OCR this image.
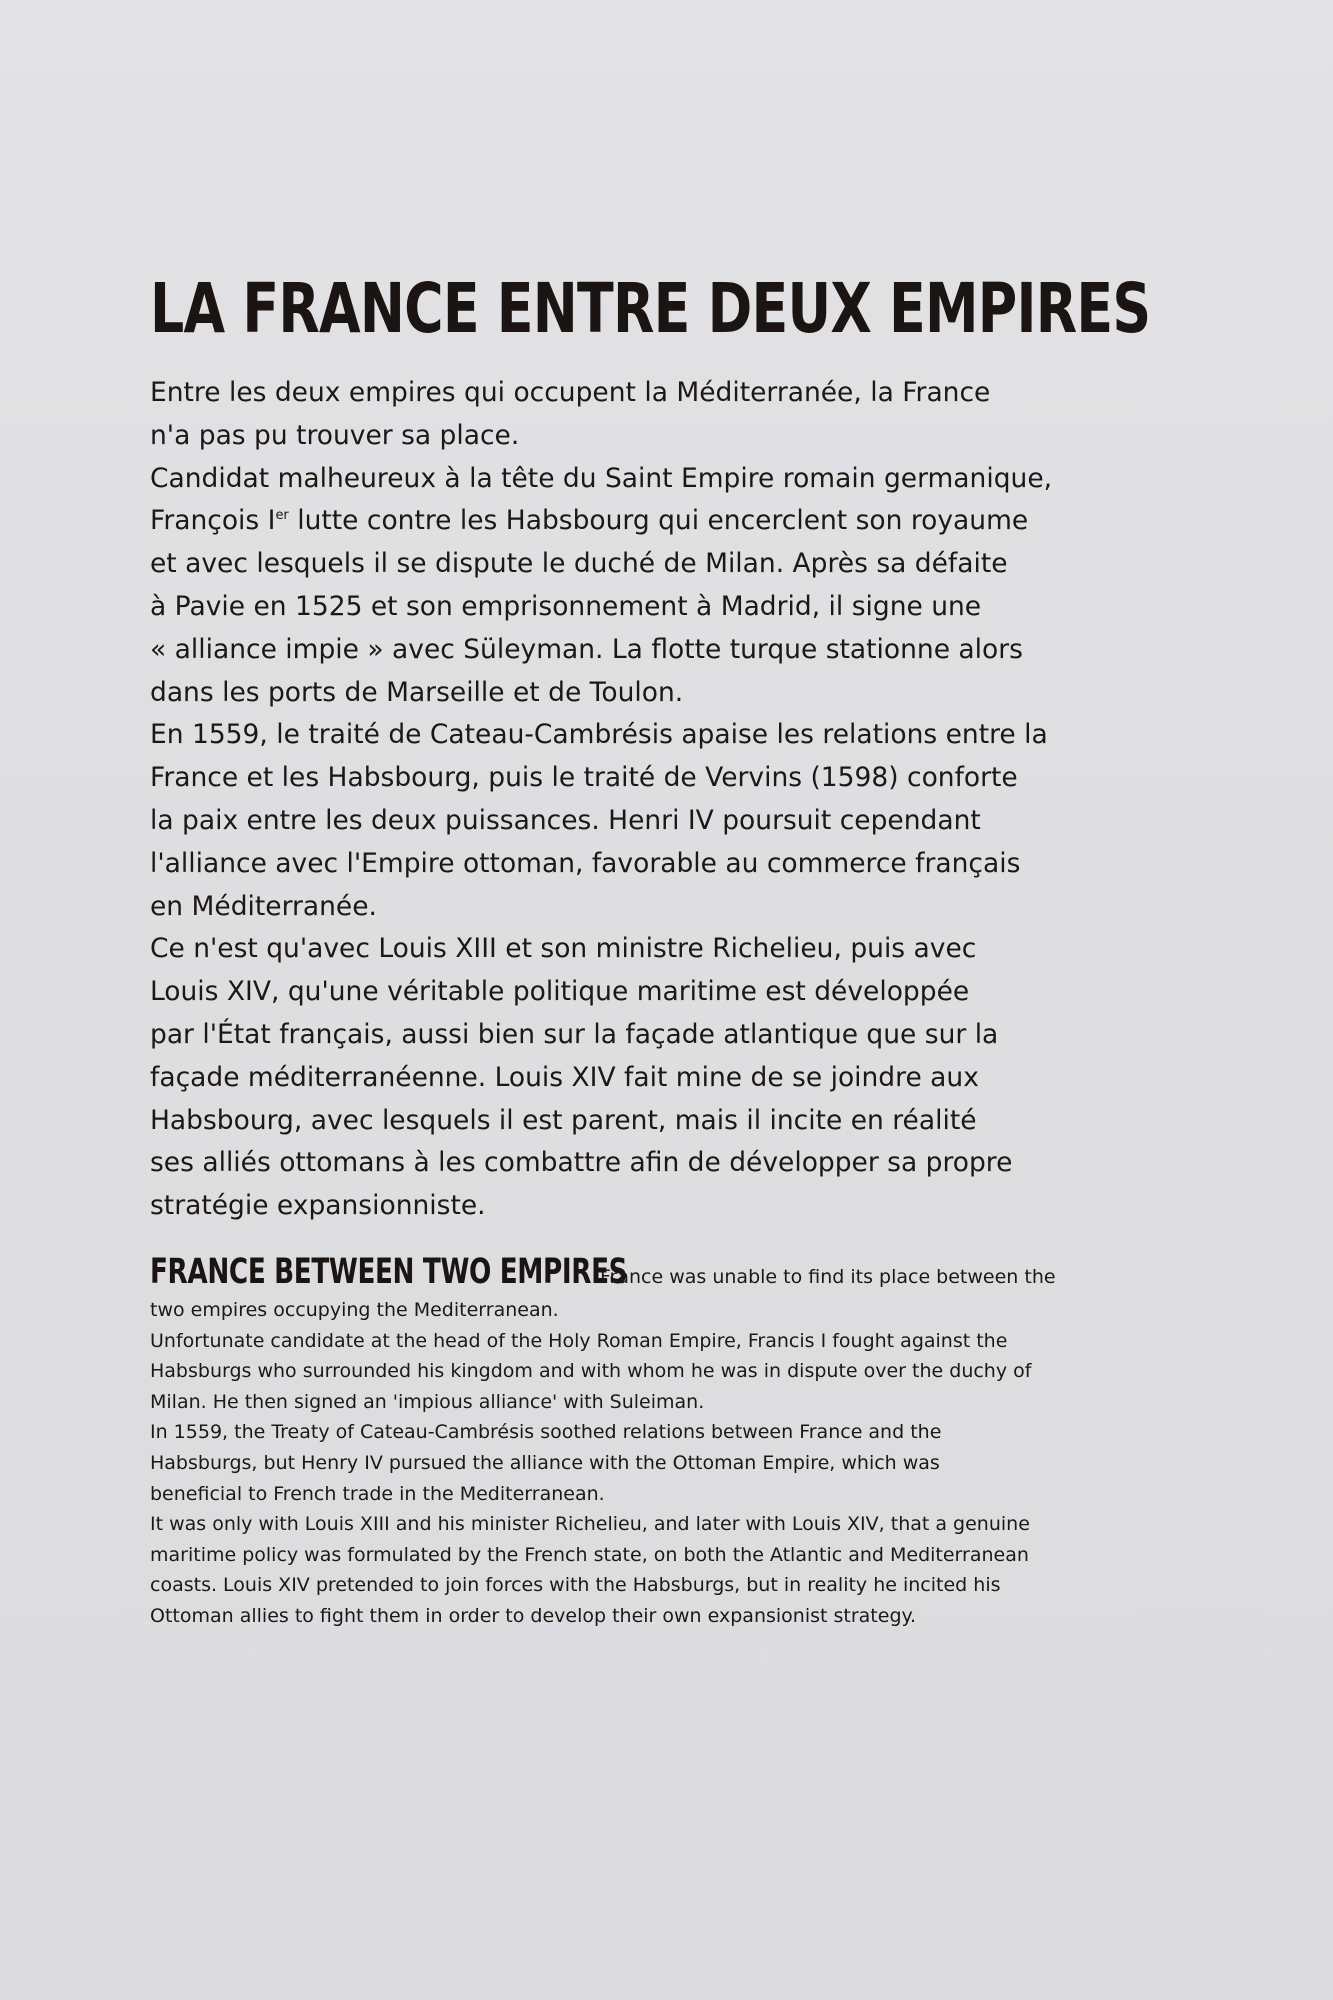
LA FRANCE ENTRE DEUX EMPIRES

Entre les deux empires qui occupent la Méditerranée, la France
n'a pas pu trouver sa place.

Candidat malheureux à la tête du Saint Empire romain germanique,
François Ier lutte contre les Habsbourg qui encerclent son royaume
et avec lesquels il se dispute le duché de Milan. Après sa défaite
à Pavie en 1525 et son emprisonnement à Madrid, il signe une
« alliance impie » avec Süleyman. La flotte turque stationne alors
dans les ports de Marseille et de Toulon.

En 1559, le traité de Cateau-Cambrésis apaise les relations entre la
France et les Habsbourg, puis le traité de Vervins (1598) conforte
la paix entre les deux puissances. Henri IV poursuit cependant
l'alliance avec l'Empire ottoman, favorable au commerce français
en Méditerranée.

Ce n'est qu'avec Louis XIII et son ministre Richelieu, puis avec
Louis XIV, qu'une véritable politique maritime est développée
par l'État français, aussi bien sur la façade atlantique que sur la
façade méditerranéenne. Louis XIV fait mine de se joindre aux
Habsbourg, avec lesquels il est parent, mais il incite en réalité
ses alliés ottomans à les combattre afin de développer sa propre
stratégie expansionniste.

FRANCE BETWEEN TWO EMPIRESFrance was unable to find its place between the
two empires occupying the Mediterranean.
Unfortunate candidate at the head of the Holy Roman Empire, Francis I fought against the
Habsburgs who surrounded his kingdom and with whom he was in dispute over the duchy of
Milan. He then signed an 'impious alliance' with Suleiman.
In 1559, the Treaty of Cateau-Cambrésis soothed relations between France and the
Habsburgs, but Henry IV pursued the alliance with the Ottoman Empire, which was
beneficial to French trade in the Mediterranean.
It was only with Louis XIII and his minister Richelieu, and later with Louis XIV, that a genuine
maritime policy was formulated by the French state, on both the Atlantic and Mediterranean
coasts. Louis XIV pretended to join forces with the Habsburgs, but in reality he incited his
Ottoman allies to fight them in order to develop their own expansionist strategy.
